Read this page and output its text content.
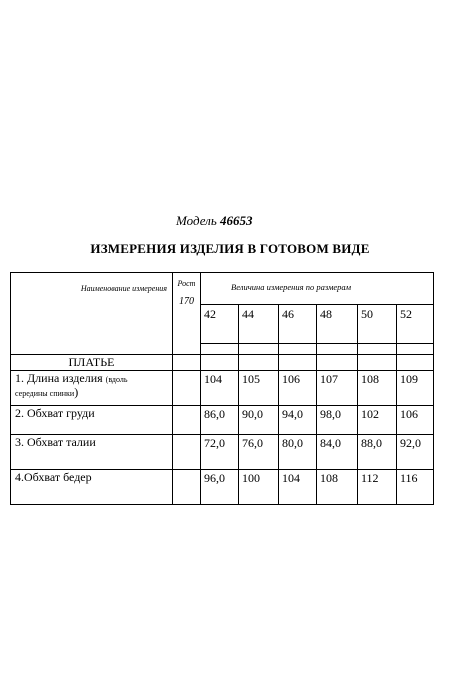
Модель 46653
ИЗМЕРЕНИЯ ИЗДЕЛИЯ В ГОТОВОМ ВИДЕ
Наименование измерения	Рост
170	Величина измерения по размерам					
		42	44	46	48	50	52

ПЛАТЬЕ							
1. Длина изделия (вдоль
середины спинки)		104	105	106	107	108	109
2. Обхват груди		86,0	90,0	94,0	98,0	102	106
3. Обхват талии		72,0	76,0	80,0	84,0	88,0	92,0
4.Обхват бедер		96,0	100	104	108	112	116
